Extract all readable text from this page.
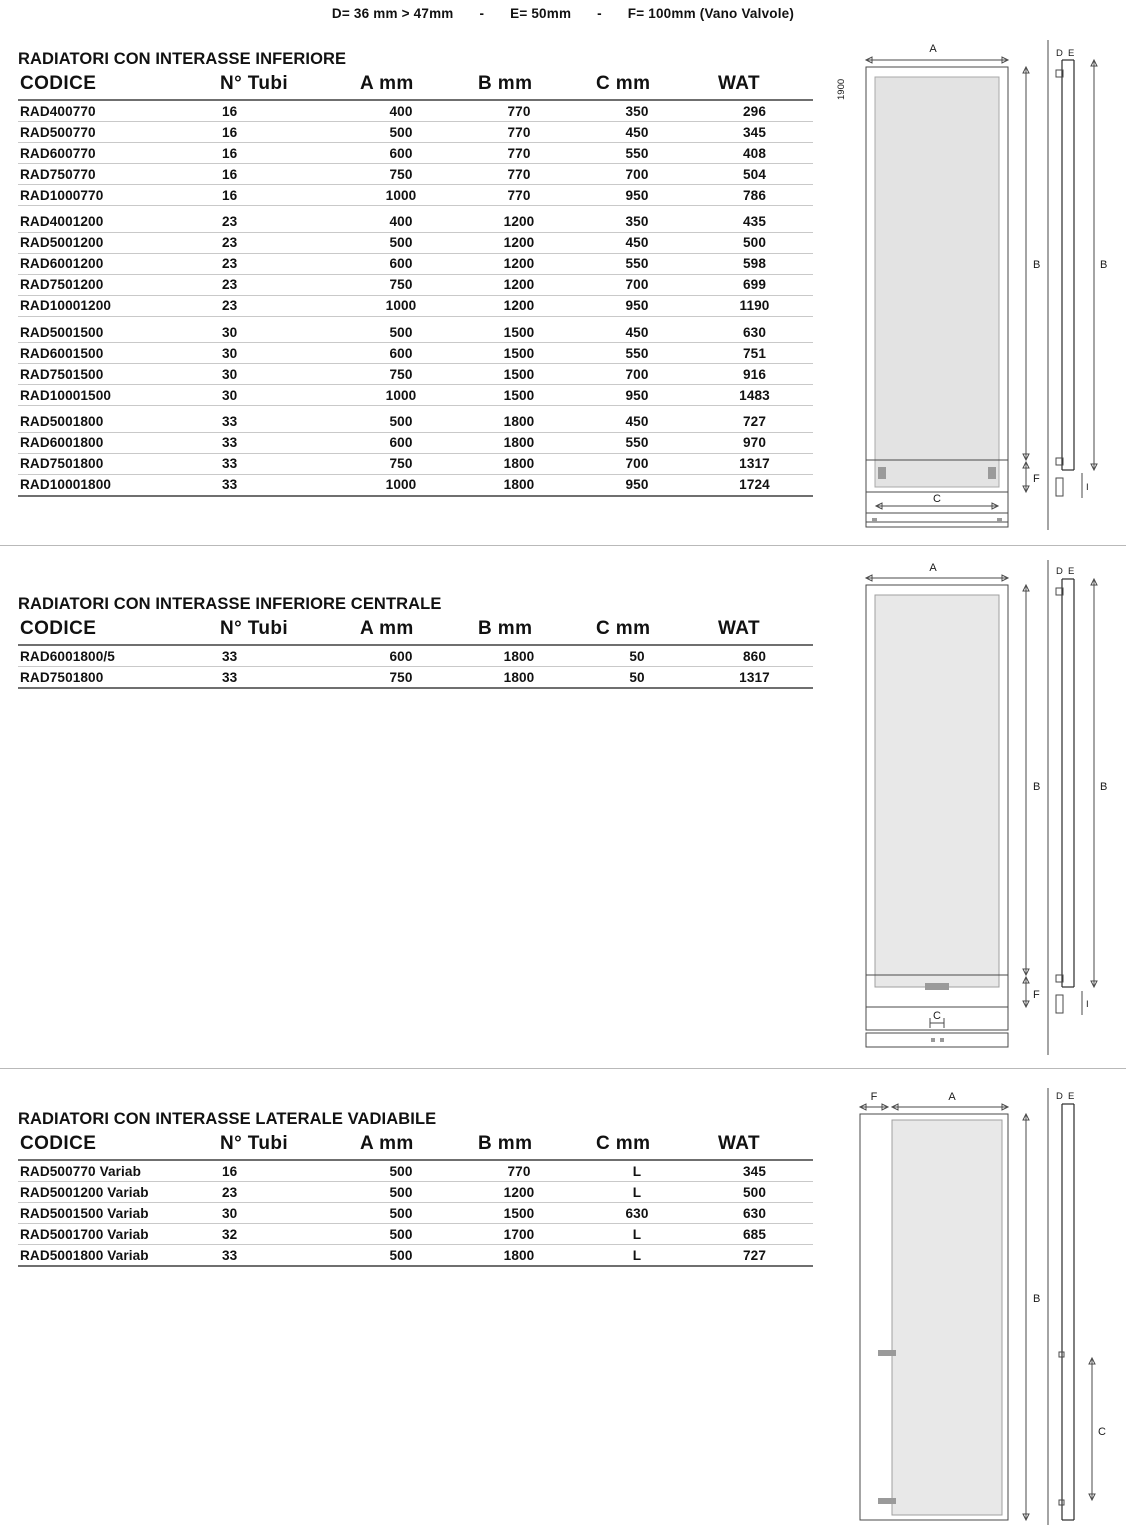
D= 36 mm > 47mm - E= 50mm - F= 100mm (Vano Valvole)
RADIATORI CON INTERASSE INFERIORE
CODICE	N° Tubi	A mm	B mm	C mm	WAT
RAD400770	16	400	770	350	296
RAD500770	16	500	770	450	345
RAD600770	16	600	770	550	408
RAD750770	16	750	770	700	504
RAD1000770	16	1000	770	950	786
RAD4001200	23	400	1200	350	435
RAD5001200	23	500	1200	450	500
RAD6001200	23	600	1200	550	598
RAD7501200	23	750	1200	700	699
RAD10001200	23	1000	1200	950	1190
RAD5001500	30	500	1500	450	630
RAD6001500	30	600	1500	550	751
RAD7501500	30	750	1500	700	916
RAD10001500	30	1000	1500	950	1483
RAD5001800	33	500	1800	450	727
RAD6001800	33	600	1800	550	970
RAD7501800	33	750	1800	700	1317
RAD10001800	33	1000	1800	950	1724
RADIATORI CON INTERASSE INFERIORE CENTRALE
CODICE	N° Tubi	A mm	B mm	C mm	WAT
RAD6001800/5	33	600	1800	50	860
RAD7501800	33	750	1800	50	1317
RADIATORI CON INTERASSE LATERALE VADIABILE
CODICE	N° Tubi	A mm	B mm	C mm	WAT
RAD500770 Variab	16	500	770	L	345
RAD5001200 Variab	23	500	1200	L	500
RAD5001500 Variab	30	500	1500	630	630
RAD5001700 Variab	32	500	1700	L	685
RAD5001800 Variab	33	500	1800	L	727
1900
A
B
F
C
D E
B
I
A
B
F
C
D E
B
I
F	A
B
D E
C
